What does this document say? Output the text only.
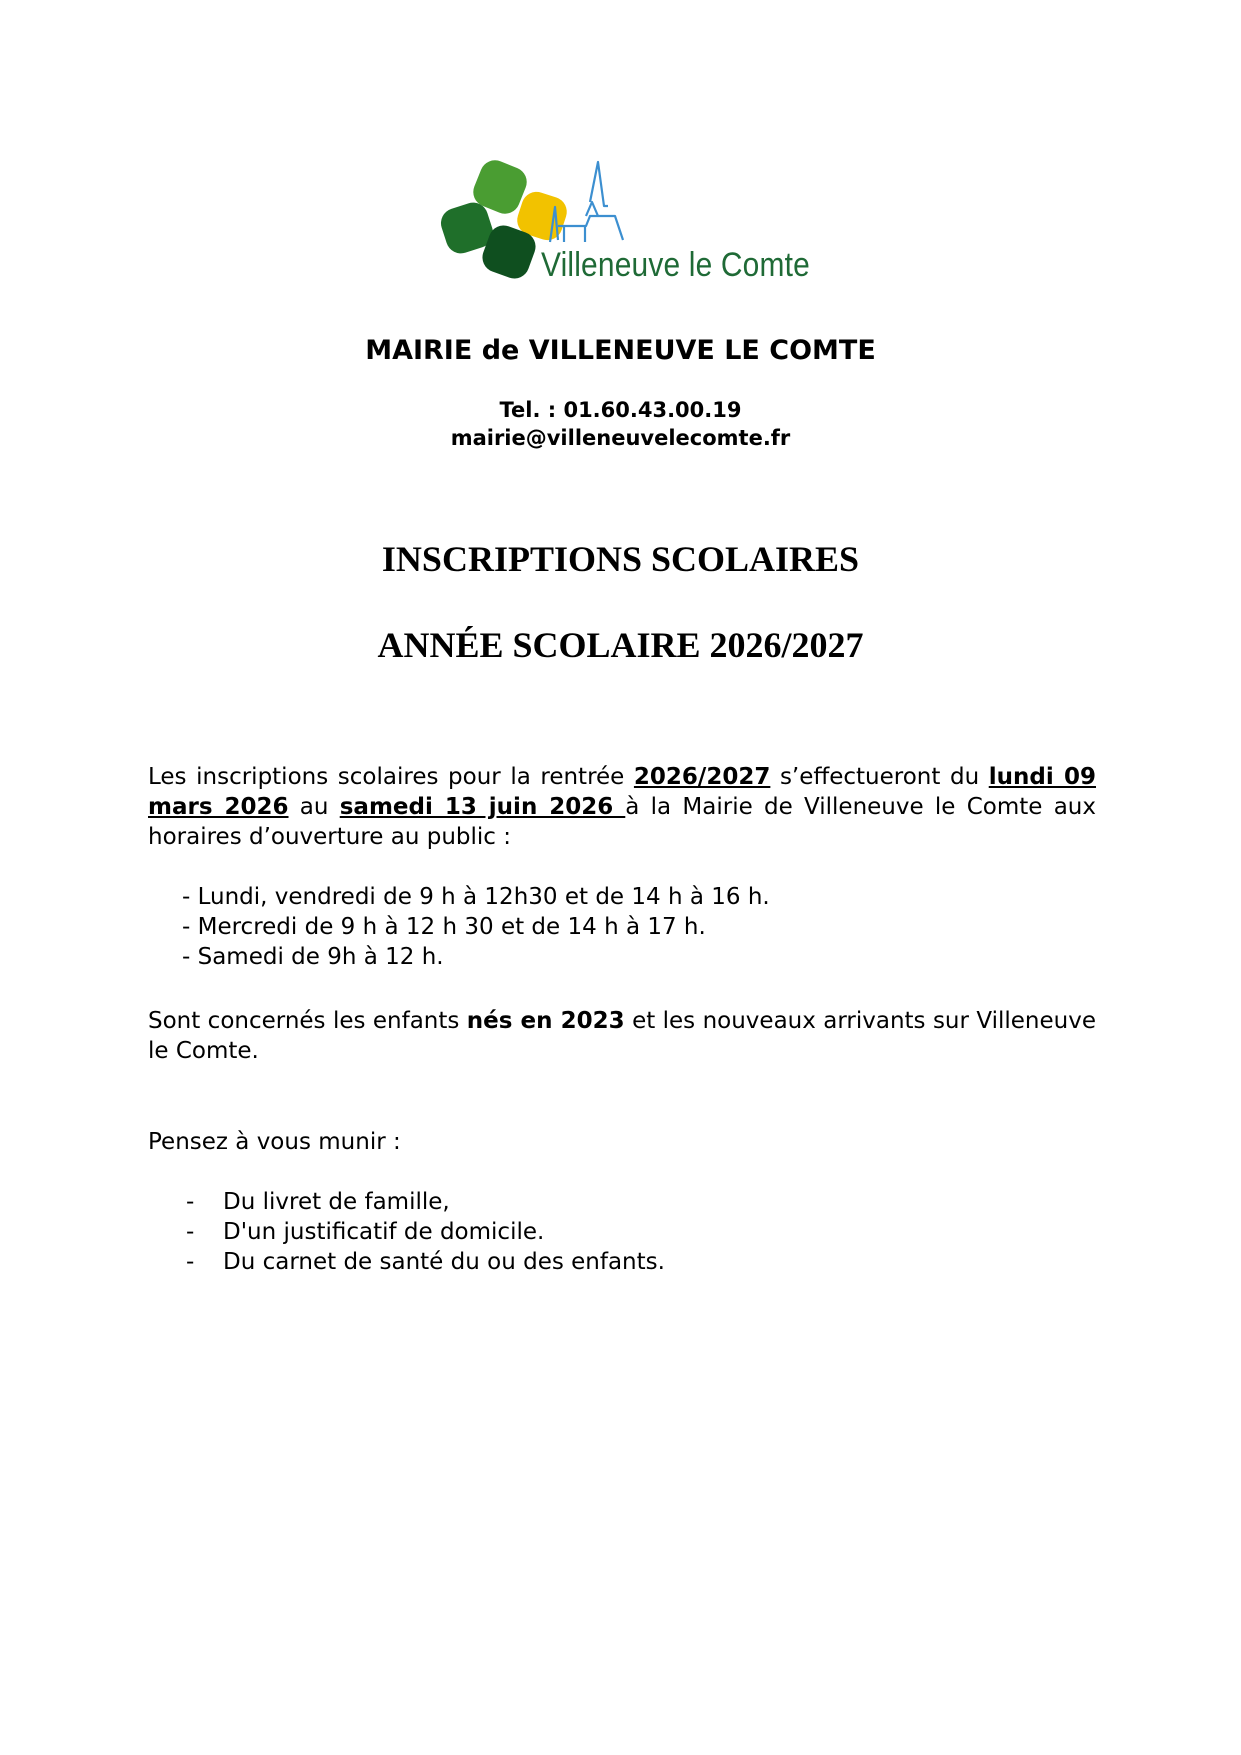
Villeneuve le Comte
MAIRIE de VILLENEUVE LE COMTE

Tel. : 01.60.43.00.19

mairie@villeneuvelecomte.fr

INSCRIPTIONS SCOLAIRES
ANNÉE SCOLAIRE 2026/2027

Les inscriptions scolaires pour la rentrée 2026/2027 s’effectueront du lundi 09 mars 2026 au samedi 13 juin 2026 à la Mairie de Villeneuve le Comte aux horaires d’ouverture au public :

- Lundi, vendredi de 9 h à 12h30 et de 14 h à 16 h.
- Mercredi de 9 h à 12 h 30 et de 14 h à 17 h.
- Samedi de 9h à 12 h.

Sont concernés les enfants nés en 2023 et les nouveaux arrivants sur Villeneuve le Comte.

Pensez à vous munir :

- Du livret de famille,
- D'un justificatif de domicile.
- Du carnet de santé du ou des enfants.
